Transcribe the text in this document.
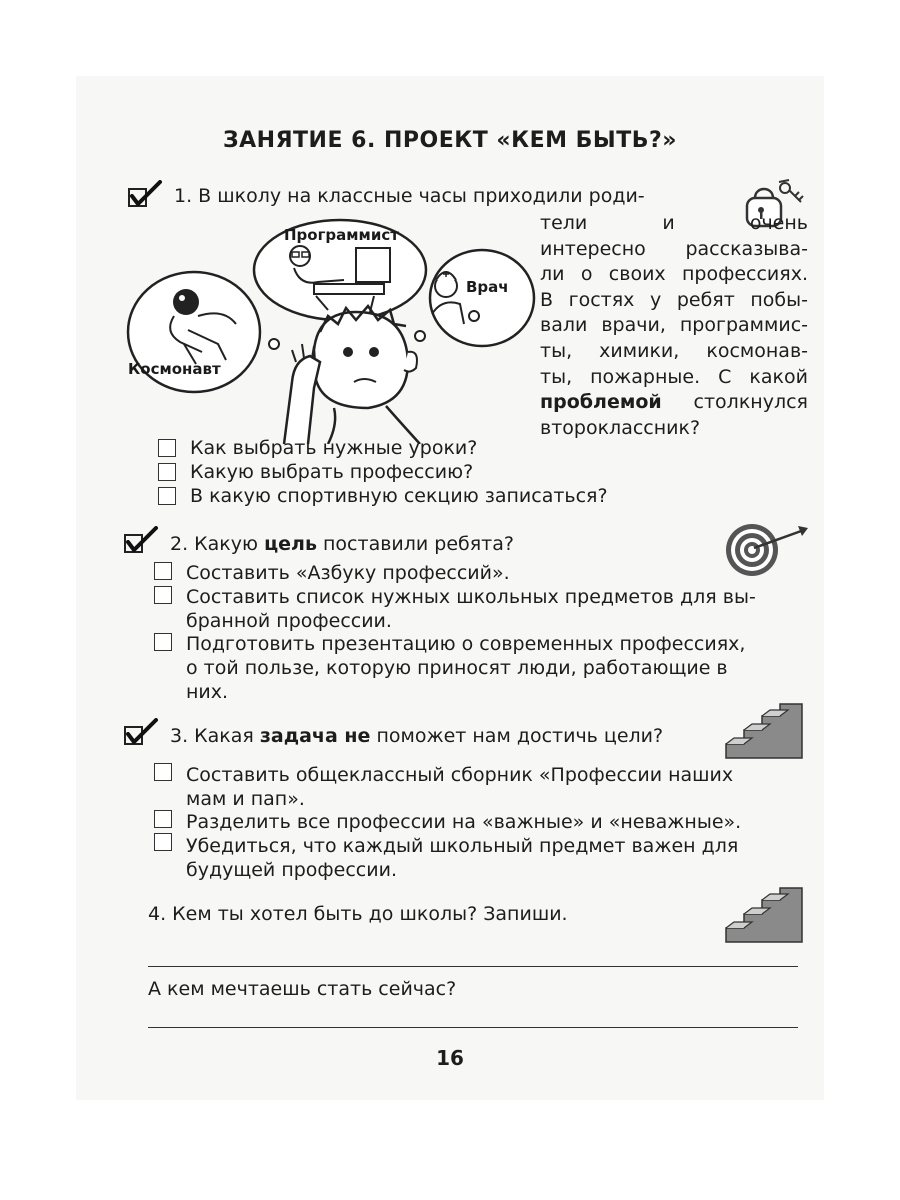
ЗАНЯТИЕ 6. ПРОЕКТ «КЕМ БЫТЬ?»
1. В школу на классные часы приходили роди-
тели и очень
интересно рассказыва-
ли о своих профессиях.
В гостях у ребят побы-
вали врачи, программис-
ты, химики, космонав-
ты, пожарные. С какой
проблемой столкнулся
второклассник?
Программист
Врач
Космонавт
Как выбрать нужные уроки?
Какую выбрать профессию?
В какую спортивную секцию записаться?
2. Какую цель поставили ребята?
Составить «Азбуку профессий».
Составить список нужных школьных предметов для вы-
бранной профессии.
Подготовить презентацию о современных профессиях,
о той пользе, которую приносят люди, работающие в
них.
3. Какая задача не поможет нам достичь цели?
Составить общеклассный сборник «Профессии наших
мам и пап».
Разделить все профессии на «важные» и «неважные».
Убедиться, что каждый школьный предмет важен для
будущей профессии.
4. Кем ты хотел быть до школы? Запиши.
А кем мечтаешь стать сейчас?
16
